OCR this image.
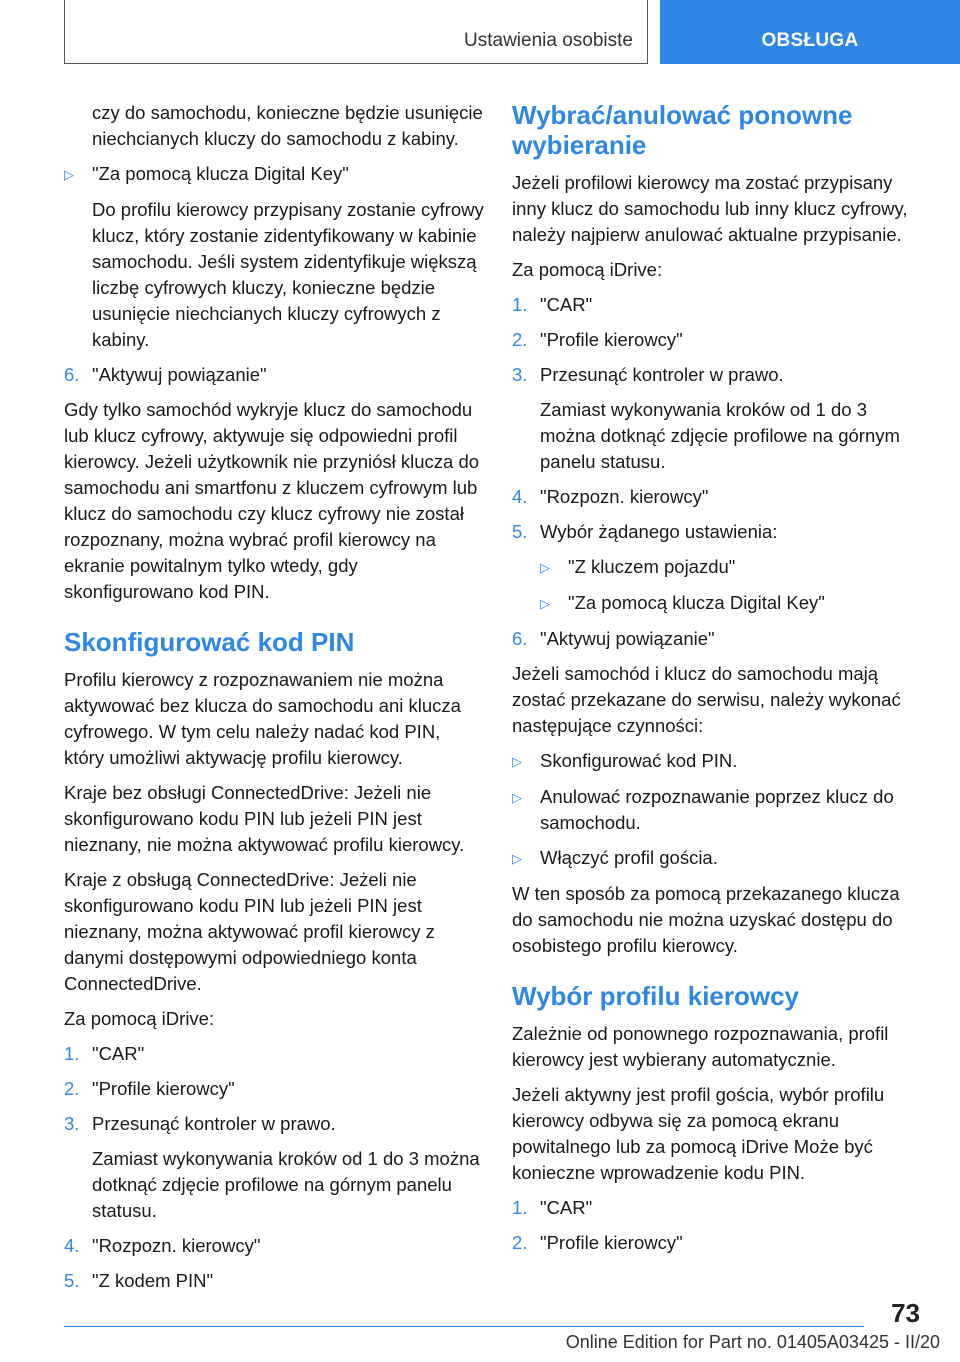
Ustawienia osobiste	OBSŁUGA

czy do samochodu, konieczne będzie usunięcie niechcianych kluczy do samochodu z kabiny.

▷ "Za pomocą klucza Digital Key"

Do profilu kierowcy przypisany zostanie cyfrowy klucz, który zostanie zidentyfikowany w kabinie samochodu. Jeśli system zidentyfikuje większą liczbę cyfrowych kluczy, konieczne będzie usunięcie niechcianych kluczy cyfrowych z kabiny.

6. "Aktywuj powiązanie"

Gdy tylko samochód wykryje klucz do samochodu lub klucz cyfrowy, aktywuje się odpowiedni profil kierowcy. Jeżeli użytkownik nie przyniósł klucza do samochodu ani smartfonu z kluczem cyfrowym lub klucz do samochodu czy klucz cyfrowy nie został rozpoznany, można wybrać profil kierowcy na ekranie powitalnym tylko wtedy, gdy skonfigurowano kod PIN.

Skonfigurować kod PIN

Profilu kierowcy z rozpoznawaniem nie można aktywować bez klucza do samochodu ani klucza cyfrowego. W tym celu należy nadać kod PIN, który umożliwi aktywację profilu kierowcy.

Kraje bez obsługi ConnectedDrive: Jeżeli nie skonfigurowano kodu PIN lub jeżeli PIN jest nieznany, nie można aktywować profilu kierowcy.

Kraje z obsługą ConnectedDrive: Jeżeli nie skonfigurowano kodu PIN lub jeżeli PIN jest nieznany, można aktywować profil kierowcy z danymi dostępowymi odpowiedniego konta ConnectedDrive.

Za pomocą iDrive:

1. "CAR"
2. "Profile kierowcy"
3. Przesunąć kontroler w prawo.

Zamiast wykonywania kroków od 1 do 3 można dotknąć zdjęcie profilowe na górnym panelu statusu.

4. "Rozpozn. kierowcy"
5. "Z kodem PIN"
Wybrać/anulować ponowne wybieranie

Jeżeli profilowi kierowcy ma zostać przypisany inny klucz do samochodu lub inny klucz cyfrowy, należy najpierw anulować aktualne przypisanie.

Za pomocą iDrive:

1. "CAR"
2. "Profile kierowcy"
3. Przesunąć kontroler w prawo.

Zamiast wykonywania kroków od 1 do 3 można dotknąć zdjęcie profilowe na górnym panelu statusu.

4. "Rozpozn. kierowcy"
5. Wybór żądanego ustawienia:
▷ "Z kluczem pojazdu"
▷ "Za pomocą klucza Digital Key"
6. "Aktywuj powiązanie"

Jeżeli samochód i klucz do samochodu mają zostać przekazane do serwisu, należy wykonać następujące czynności:

▷ Skonfigurować kod PIN.
▷ Anulować rozpoznawanie poprzez klucz do samochodu.
▷ Włączyć profil gościa.

W ten sposób za pomocą przekazanego klucza do samochodu nie można uzyskać dostępu do osobistego profilu kierowcy.

Wybór profilu kierowcy

Zależnie od ponownego rozpoznawania, profil kierowcy jest wybierany automatycznie.

Jeżeli aktywny jest profil gościa, wybór profilu kierowcy odbywa się za pomocą ekranu powitalnego lub za pomocą iDrive Może być konieczne wprowadzenie kodu PIN.

1. "CAR"
2. "Profile kierowcy"
73
Online Edition for Part no. 01405A03425 - II/20
